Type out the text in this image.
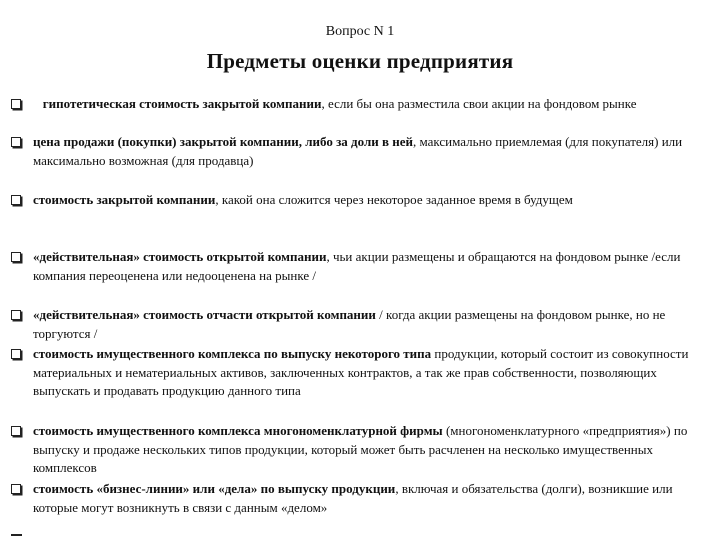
Вопрос N 1
Предметы оценки предприятия
гипотетическая стоимость закрытой компании, если бы она разместила свои акции на фондовом рынке
цена продажи (покупки) закрытой компании, либо за доли в ней, максимально приемлемая (для покупателя) или максимально возможная (для продавца)
стоимость закрытой компании, какой она сложится через некоторое заданное время в будущем
«действительная» стоимость открытой компании, чьи акции размещены и обращаются на фондовом рынке /если компания переоценена или недооценена на рынке /
«действительная» стоимость отчасти открытой компании / когда акции размещены на фондовом рынке, но не торгуются /
стоимость имущественного комплекса по выпуску некоторого типа продукции, который состоит из совокупности материальных и нематериальных активов, заключенных контрактов, а так же прав собственности, позволяющих выпускать и продавать продукцию данного типа
стоимость имущественного комплекса многономенклатурной фирмы (многономенклатурного «предприятия») по выпуску и продаже нескольких типов продукции, который может быть расчленен на несколько имущественных комплексов
стоимость «бизнес-линии» или «дела» по выпуску продукции, включая и обязательства (долги), возникшие или которые могут возникнуть в связи с данным «делом»
